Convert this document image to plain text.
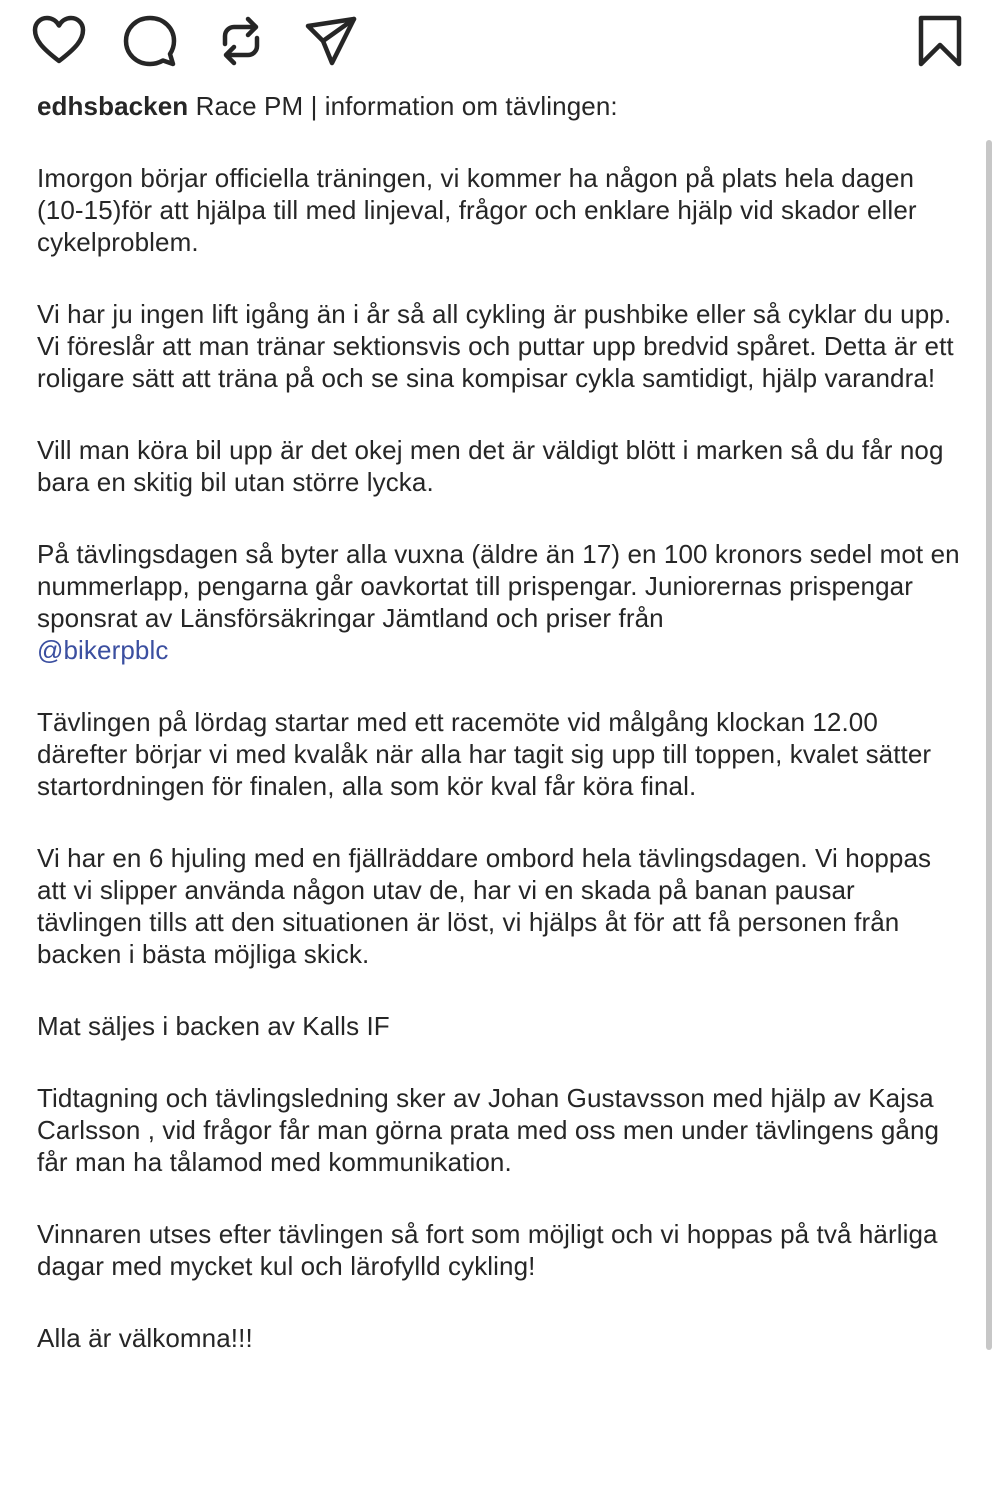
edhsbacken Race PM | information om tävlingen:

Imorgon börjar officiella träningen, vi kommer ha någon på plats hela dagen (10-15)för att hjälpa till med linjeval, frågor och enklare hjälp vid skador eller cykelproblem.

Vi har ju ingen lift igång än i år så all cykling är pushbike eller så cyklar du upp. Vi föreslår att man tränar sektionsvis och puttar upp bredvid spåret. Detta är ett roligare sätt att träna på och se sina kompisar cykla samtidigt, hjälp varandra!

Vill man köra bil upp är det okej men det är väldigt blött i marken så du får nog bara en skitig bil utan större lycka.

På tävlingsdagen så byter alla vuxna (äldre än 17) en 100 kronors sedel mot en nummerlapp, pengarna går oavkortat till prispengar. Juniorernas prispengar sponsrat av Länsförsäkringar Jämtland och priser från
@bikerpblc

Tävlingen på lördag startar med ett racemöte vid målgång klockan 12.00 därefter börjar vi med kvalåk när alla har tagit sig upp till toppen, kvalet sätter startordningen för finalen, alla som kör kval får köra final.

Vi har en 6 hjuling med en fjällräddare ombord hela tävlingsdagen. Vi hoppas att vi slipper använda någon utav de, har vi en skada på banan pausar tävlingen tills att den situationen är löst, vi hjälps åt för att få personen från backen i bästa möjliga skick.

Mat säljes i backen av Kalls IF

Tidtagning och tävlingsledning sker av Johan Gustavsson med hjälp av Kajsa Carlsson , vid frågor får man görna prata med oss men under tävlingens gång får man ha tålamod med kommunikation.

Vinnaren utses efter tävlingen så fort som möjligt och vi hoppas på två härliga dagar med mycket kul och lärofylld cykling!

Alla är välkomna!!!
